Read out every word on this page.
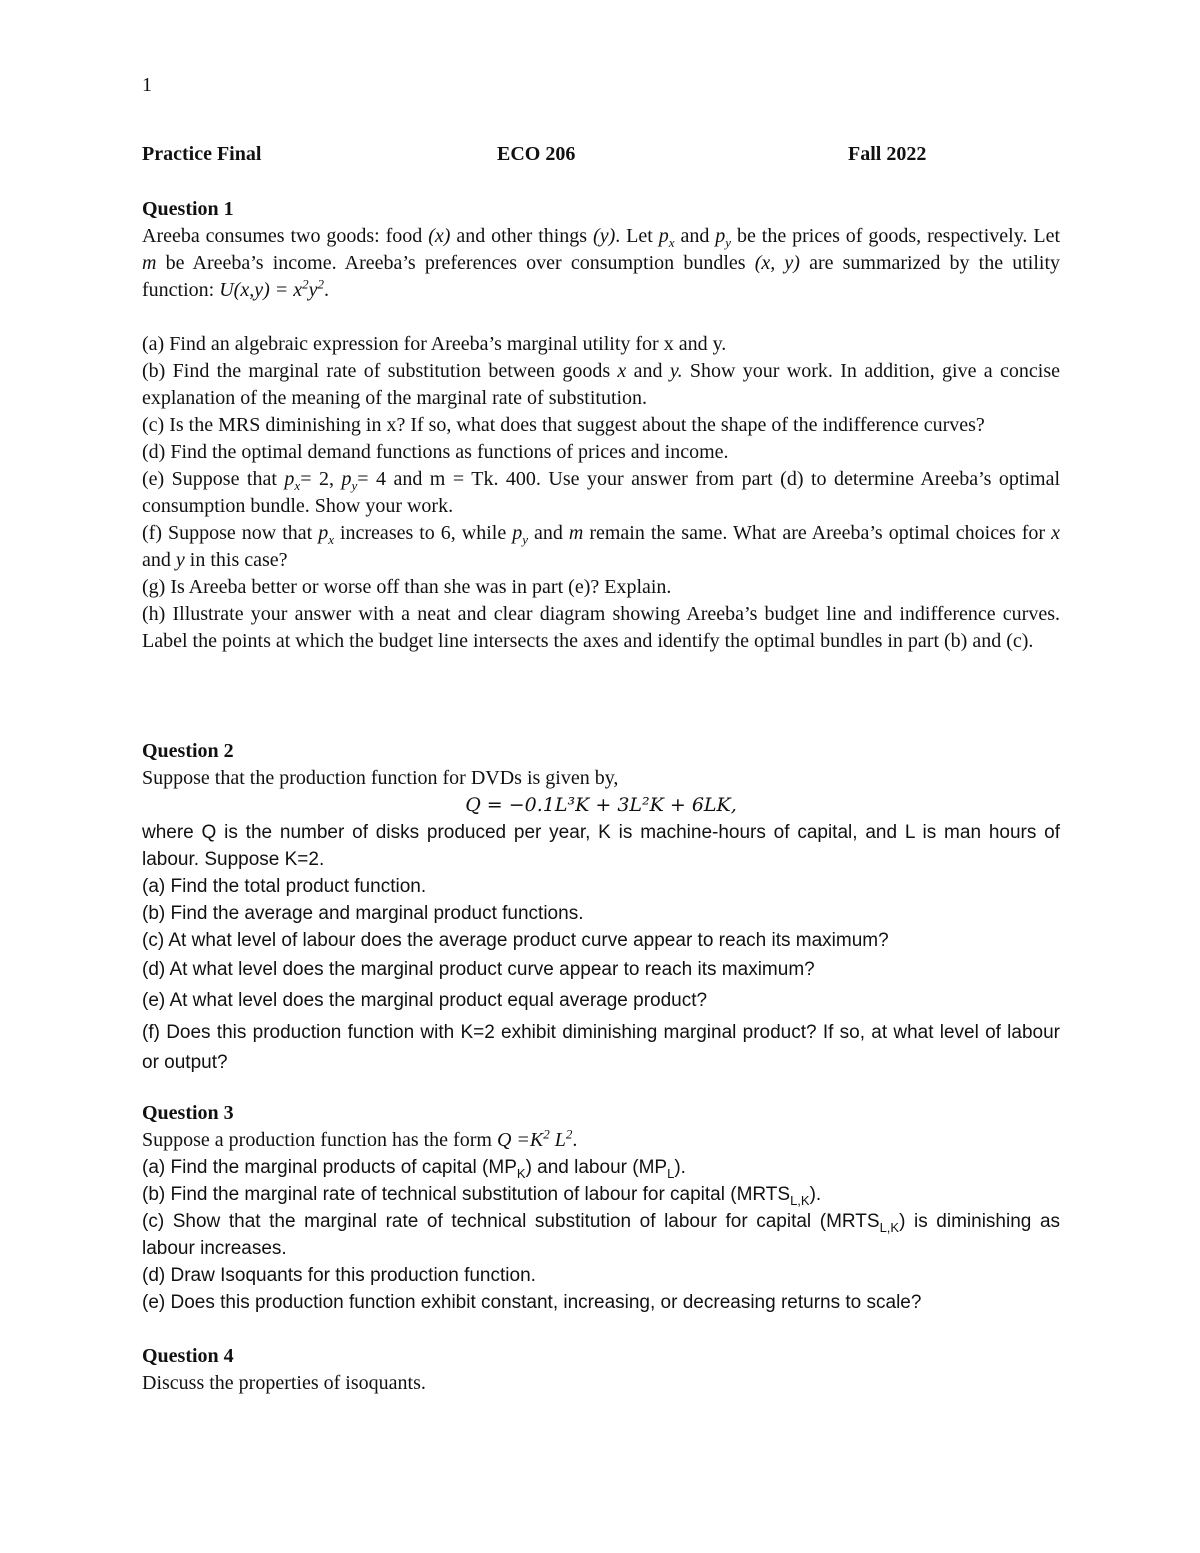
1
Practice Final	ECO 206	Fall 2022

Question 1

Areeba consumes two goods: food (x) and other things (y). Let $p_x$ and $p_y$ be the prices of goods, respectively. Let m be Areeba’s income. Areeba’s preferences over consumption bundles (x, y) are summarized by the utility function: $U(x,y) = x^2y^2$.

(a) Find an algebraic expression for Areeba’s marginal utility for x and y.

(b) Find the marginal rate of substitution between goods x and y. Show your work. In addition, give a concise explanation of the meaning of the marginal rate of substitution.

(c) Is the MRS diminishing in x? If so, what does that suggest about the shape of the indifference curves?

(d) Find the optimal demand functions as functions of prices and income.

(e) Suppose that $p_x= 2$, $p_y= 4$ and m = Tk. 400. Use your answer from part (d) to determine Areeba’s optimal consumption bundle. Show your work.

(f) Suppose now that $p_x$ increases to 6, while $p_y$ and m remain the same. What are Areeba’s optimal choices for x and y in this case?

(g) Is Areeba better or worse off than she was in part (e)? Explain.

(h) Illustrate your answer with a neat and clear diagram showing Areeba’s budget line and indifference curves. Label the points at which the budget line intersects the axes and identify the optimal bundles in part (b) and (c).

Question 2

Suppose that the production function for DVDs is given by,

Q = −0.1L³K + 3L²K + 6LK,

where Q is the number of disks produced per year, K is machine-hours of capital, and L is man hours of labour. Suppose K=2.

(a) Find the total product function.

(b) Find the average and marginal product functions.

(c) At what level of labour does the average product curve appear to reach its maximum?

(d) At what level does the marginal product curve appear to reach its maximum?

(e) At what level does the marginal product equal average product?

(f) Does this production function with K=2 exhibit diminishing marginal product? If so, at what level of labour or output?

Question 3

Suppose a production function has the form $Q =K^2$ $L^2$.

(a) Find the marginal products of capital $(MP_K)$ and labour $(MP_L)$.

(b) Find the marginal rate of technical substitution of labour for capital $(MRTS_{L,K})$.

(c) Show that the marginal rate of technical substitution of labour for capital $(MRTS_{L,K})$ is diminishing as labour increases.

(d) Draw Isoquants for this production function.

(e) Does this production function exhibit constant, increasing, or decreasing returns to scale?

Question 4

Discuss the properties of isoquants.
